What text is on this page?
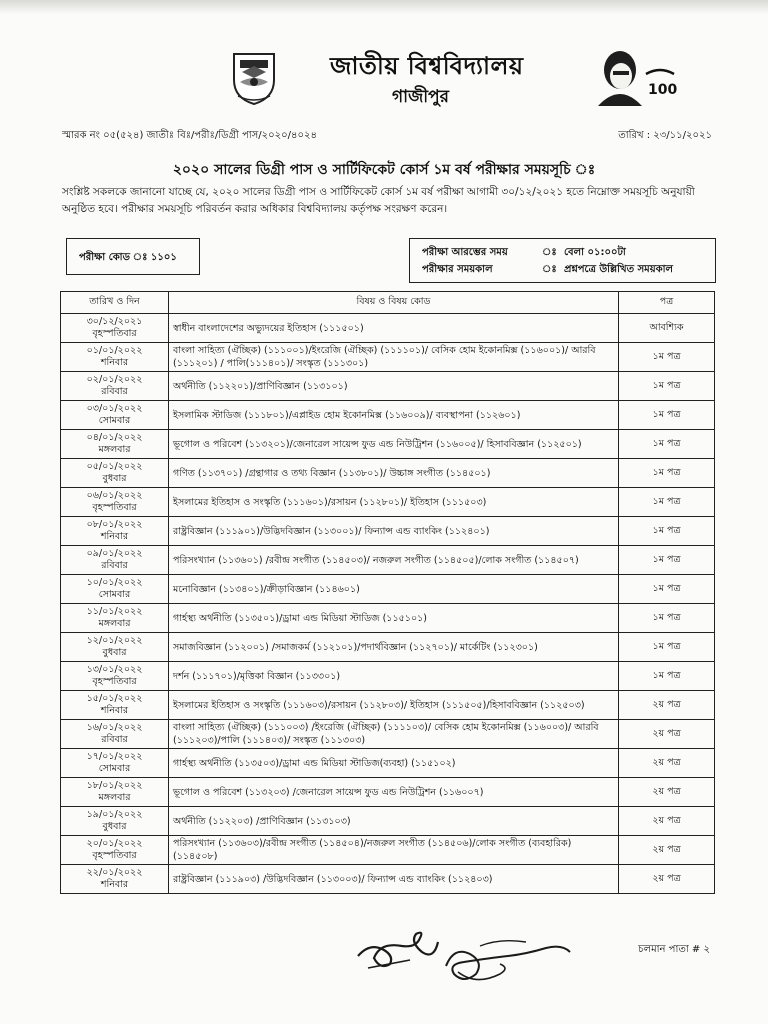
জাতীয় বিশ্ববিদ্যালয়
গাজীপুর	100
স্মারক নং ০৫(৫২৪) জাতীঃ বিঃ/পরীঃ/ডিগ্রী পাস/২০২০/৪০২৪	তারিখ : ২৩/১১/২০২১
২০২০ সালের ডিগ্রী পাস ও সার্টিফিকেট কোর্স ১ম বর্ষ পরীক্ষার সময়সূচি ঃ
সংশ্লিষ্ট সকলকে জানানো যাচ্ছে যে, ২০২০ সালের ডিগ্রী পাস ও সার্টিফিকেট কোর্স ১ম বর্ষ পরীক্ষা আগামী ৩০/১২/২০২১ হতে নিম্নোক্ত সময়সূচি অনুযায়ী অনুষ্ঠিত হবে। পরীক্ষার সময়সূচি পরিবর্তন করার অধিকার বিশ্ববিদ্যালয় কর্তৃপক্ষ সংরক্ষণ করেন।
পরীক্ষা কোড ঃ ১১০১	পরীক্ষা আরম্ভের সময়	ঃ বেলা ০১:০০টা
পরীক্ষার সময়কাল	ঃ প্রশ্নপত্রে উল্লিখিত সময়কাল
তারিখ ও দিন	বিষয় ও বিষয় কোড	পত্র

৩০/১২/২০২১
বৃহস্পতিবার	স্বাধীন বাংলাদেশের অভ্যুদয়ের ইতিহাস (১১১৫০১)	আবশ্যিক

০১/০১/২০২২
শনিবার	বাংলা সাহিত্য (ঐচ্ছিক) (১১১০০১)/ইংরেজি (ঐচ্ছিক) (১১১১০১)/ বেসিক হোম ইকোনমিক্স (১১৬০০১)/ আরবি (১১১২০১) / পালি(১১১৪০১)/ সংস্কৃত (১১১৩০১)	১ম পত্র

০২/০১/২০২২
রবিবার	অর্থনীতি (১১২২০১)/প্রাণিবিজ্ঞান (১১৩১০১)	১ম পত্র

০৩/০১/২০২২
সোমবার	ইসলামিক স্টাডিজ (১১১৮০১)/এপ্লাইড হোম ইকোনমিক্স (১১৬০০৯)/ ব্যবস্থাপনা (১১২৬০১)	১ম পত্র

০৪/০১/২০২২
মঙ্গলবার	ভূগোল ও পরিবেশ (১১৩২০১)/জেনারেল সায়েন্স ফুড এন্ড নিউট্রিশন (১১৬০০৫)/ হিসাববিজ্ঞান (১১২৫০১)	১ম পত্র

০৫/০১/২০২২
বুধবার	গণিত (১১৩৭০১) /গ্রন্থাগার ও তথ্য বিজ্ঞান (১১৩৮০১)/ উচ্চাঙ্গ সংগীত (১১৪৫০১)	১ম পত্র

০৬/০১/২০২২
বৃহস্পতিবার	ইসলামের ইতিহাস ও সংস্কৃতি (১১১৬০১)/রসায়ন (১১২৮০১)/ ইতিহাস (১১১৫০৩)	১ম পত্র

০৮/০১/২০২২
শনিবার	রাষ্ট্রবিজ্ঞান (১১১৯০১)/উদ্ভিদবিজ্ঞান (১১৩০০১)/ ফিন্যান্স এন্ড ব্যাংকিং (১১২৪০১)	১ম পত্র

০৯/০১/২০২২
রবিবার	পরিসংখ্যান (১১৩৬০১) /রবীন্দ্র সংগীত (১১৪৫০৩)/ নজরুল সংগীত (১১৪৫০৫)/লোক সংগীত (১১৪৫০৭)	১ম পত্র

১০/০১/২০২২
সোমবার	মনোবিজ্ঞান (১১৩৪০১)/ক্রীড়াবিজ্ঞান (১১৪৬০১)	১ম পত্র

১১/০১/২০২২
মঙ্গলবার	গার্হস্থ্য অর্থনীতি (১১৩৫০১)/ড্রামা এন্ড মিডিয়া স্টাডিজ (১১৫১০১)	১ম পত্র

১২/০১/২০২২
বুধবার	সমাজবিজ্ঞান (১১২০০১) /সমাজকর্ম (১১২১০১)/পদার্থবিজ্ঞান (১১২৭০১)/ মার্কেটিং (১১২৩০১)	১ম পত্র

১৩/০১/২০২২
বৃহস্পতিবার	দর্শন (১১১৭০১)/মৃত্তিকা বিজ্ঞান (১১৩৩০১)	১ম পত্র

১৫/০১/২০২২
শনিবার	ইসলামের ইতিহাস ও সংস্কৃতি (১১১৬০৩)/রসায়ন (১১২৮০৩)/ ইতিহাস (১১১৫০৫)/হিসাববিজ্ঞান (১১২৫০৩)	২য় পত্র

১৬/০১/২০২২
রবিবার	বাংলা সাহিত্য (ঐচ্ছিক) (১১১০০৩) /ইংরেজি (ঐচ্ছিক) (১১১১০৩)/ বেসিক হোম ইকোনমিক্স (১১৬০০৩)/ আরবি (১১১২০৩)/পালি (১১১৪০৩)/ সংস্কৃত (১১১৩০৩)	২য় পত্র

১৭/০১/২০২২
সোমবার	গার্হস্থ্য অর্থনীতি (১১৩৫০৩)/ড্রামা এন্ড মিডিয়া স্টাডিজ(ব্যবহা) (১১৫১০২)	২য় পত্র

১৮/০১/২০২২
মঙ্গলবার	ভূগোল ও পরিবেশ (১১৩২০৩) /জেনারেল সায়েন্স ফুড এন্ড নিউট্রিশন (১১৬০০৭)	২য় পত্র

১৯/০১/২০২২
বুধবার	অর্থনীতি (১১২২০৩) /প্রাণিবিজ্ঞান (১১৩১০৩)	২য় পত্র

২০/০১/২০২২
বৃহস্পতিবার	পরিসংখ্যান (১১৩৬০৩)/রবীন্দ্র সংগীত (১১৪৫০৪)/নজরুল সংগীত (১১৪৫০৬)/লোক সংগীত (ব্যবহারিক) (১১৪৫০৮)	২য় পত্র

২২/০১/২০২২
শনিবার	রাষ্ট্রবিজ্ঞান (১১১৯০৩) /উদ্ভিদবিজ্ঞান (১১৩০০৩)/ ফিন্যান্স এন্ড ব্যাংকিং (১১২৪০৩)	২য় পত্র
চলমান পাতা # ২
